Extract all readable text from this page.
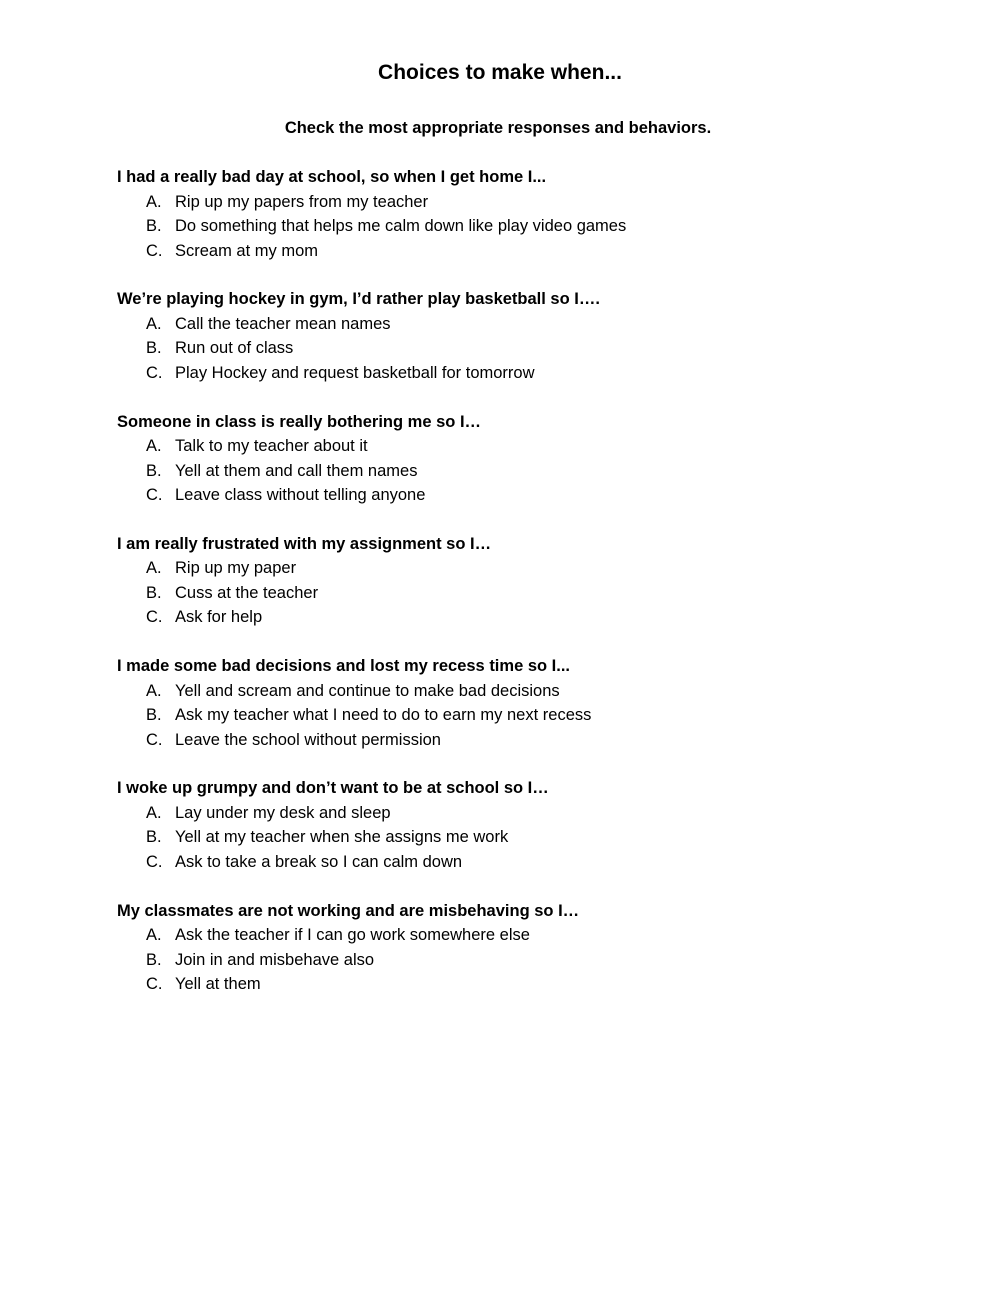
Choices to make when...

Check the most appropriate responses and behaviors.

I had a really bad day at school, so when I get home I...

A. Rip up my papers from my teacher
B. Do something that helps me calm down like play video games
C. Scream at my mom

We’re playing hockey in gym, I’d rather play basketball so I….

A. Call the teacher mean names
B. Run out of class
C. Play Hockey and request basketball for tomorrow

Someone in class is really bothering me so I…

A. Talk to my teacher about it
B. Yell at them and call them names
C. Leave class without telling anyone

I am really frustrated with my assignment so I…

A. Rip up my paper
B. Cuss at the teacher
C. Ask for help

I made some bad decisions and lost my recess time so I...

A. Yell and scream and continue to make bad decisions
B. Ask my teacher what I need to do to earn my next recess
C. Leave the school without permission

I woke up grumpy and don’t want to be at school so I…

A. Lay under my desk and sleep
B. Yell at my teacher when she assigns me work
C. Ask to take a break so I can calm down

My classmates are not working and are misbehaving so I…

A. Ask the teacher if I can go work somewhere else
B. Join in and misbehave also
C. Yell at them
